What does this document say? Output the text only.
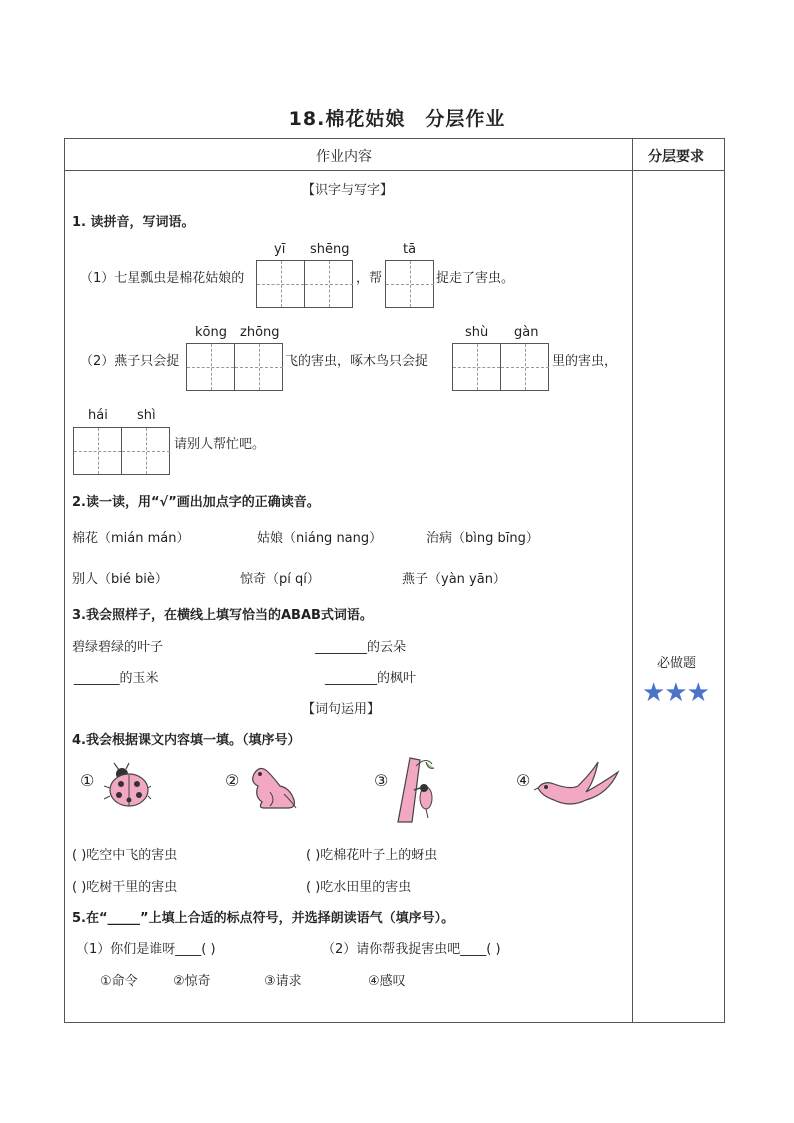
18.棉花姑娘　分层作业
作业内容	分层要求
必做题
★★★
【识字与写字】
1. 读拼音，写词语。
yī shēng	tā
（1）七星瓢虫是棉花姑娘的	，帮	捉走了害虫。
kōng zhōng	shù gàn
（2）燕子只会捉	飞的害虫，啄木鸟只会捉	里的害虫，
hái shì
请别人帮忙吧。
2.读一读，用“√”画出加点字的正确读音。
棉花（mián mán）	姑娘（niáng nang）	治病（bìng bīng）
别人（bié biè）	惊奇（pí qí）	燕子（yàn yān）
3.我会照样子，在横线上填写恰当的ABAB式词语。
碧绿碧绿的叶子	________的云朵
_______的玉米	________的枫叶
【词句运用】
4.我会根据课文内容填一填。（填序号）
①	②	③	④
( )吃空中飞的害虫	( )吃棉花叶子上的蚜虫
( )吃树干里的害虫	( )吃水田里的害虫
5.在“_____”上填上合适的标点符号，并选择朗读语气（填序号）。
（1）你们是谁呀____( )	（2）请你帮我捉害虫吧____( )
①命令	②惊奇	③请求	④感叹
